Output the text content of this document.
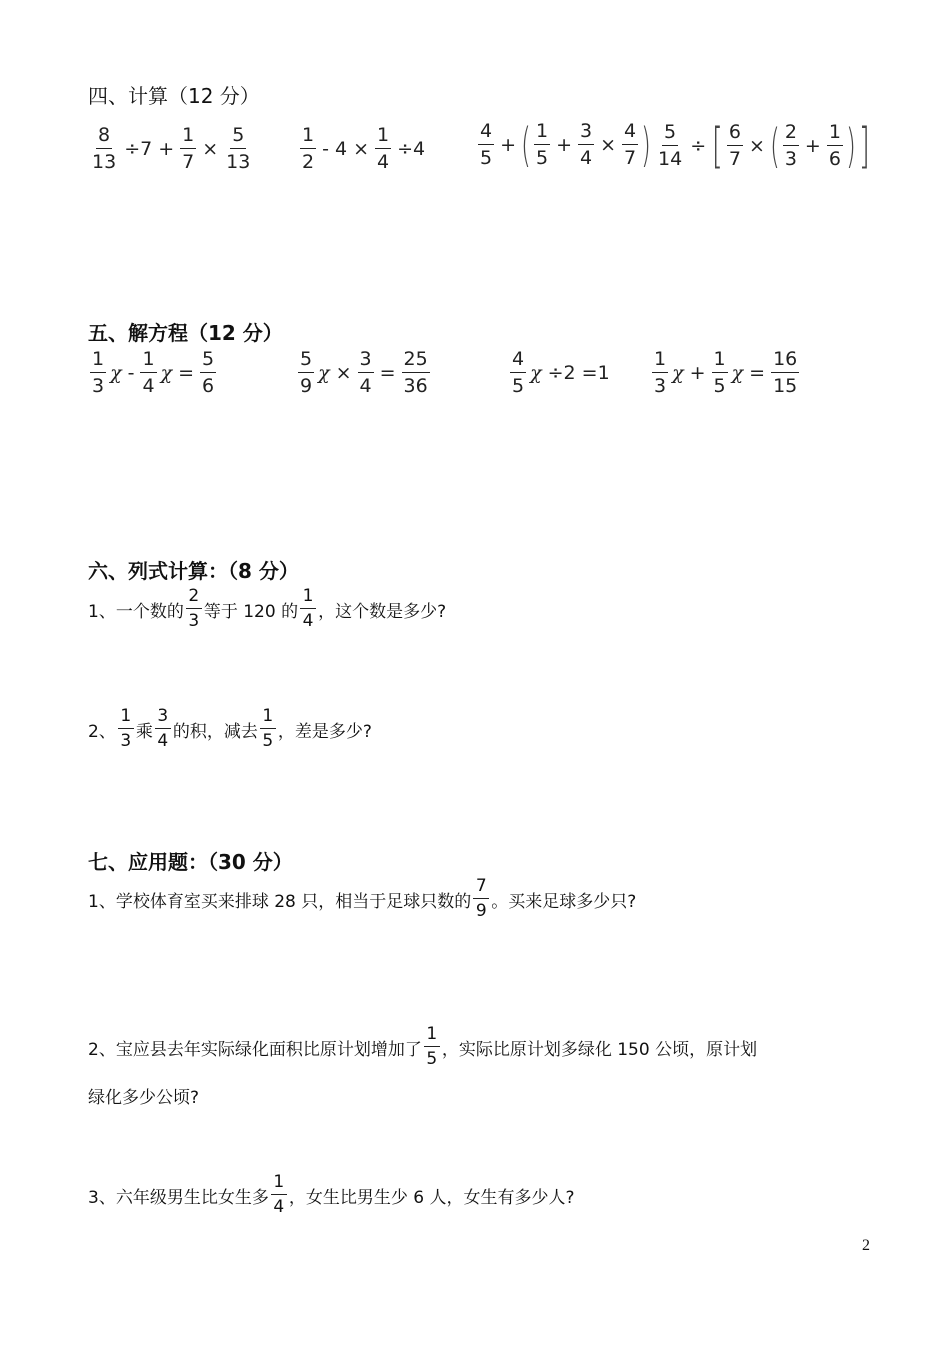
四、计算（12 分）
$\frac{8}{13} \div 7 + \frac{1}{7} \times \frac{5}{13}$	$\frac{1}{2} - 4 \times \frac{1}{4} \div 4$	$\frac{4}{5}$ + ( $\frac{1}{5} + \frac{3}{4} \times \frac{4}{7}$ ) $\frac{5}{14}$ ÷ [ $\frac{6}{7}$ × ( $\frac{2}{3} + \frac{1}{6}$ ) ]
五、解方程（12 分）
$\frac{1}{3}$ χ - $\frac{1}{4}$ $\chi = \frac{5}{6}$	$\frac{5}{9}$ $\chi \times \frac{3}{4} = \frac{25}{36}$	$\frac{4}{5}$ $\chi \div 2 =1 \frac{1}{3}$ $\chi + \frac{1}{5}$ $\chi = \frac{16}{15}$
六、列式计算：（8 分）
1、一个数的 $\frac{2}{3}$ 等于 120 的 $\frac{1}{4}$ ，这个数是多少?
2、 $\frac{1}{3}$ 乘 $\frac{3}{4}$ 的积，减去 $\frac{1}{5}$ ，差是多少?
七、应用题：（30 分）
1、学校体育室买来排球 28 只，相当于足球只数的 $\frac{7}{9}$ 。买来足球多少只?
2、宝应县去年实际绿化面积比原计划增加了 $\frac{1}{5}$ ，实际比原计划多绿化 150 公顷，原计划
绿化多少公顷?
3、六年级男生比女生多 $\frac{1}{4}$ ，女生比男生少 6 人，女生有多少人?
2
